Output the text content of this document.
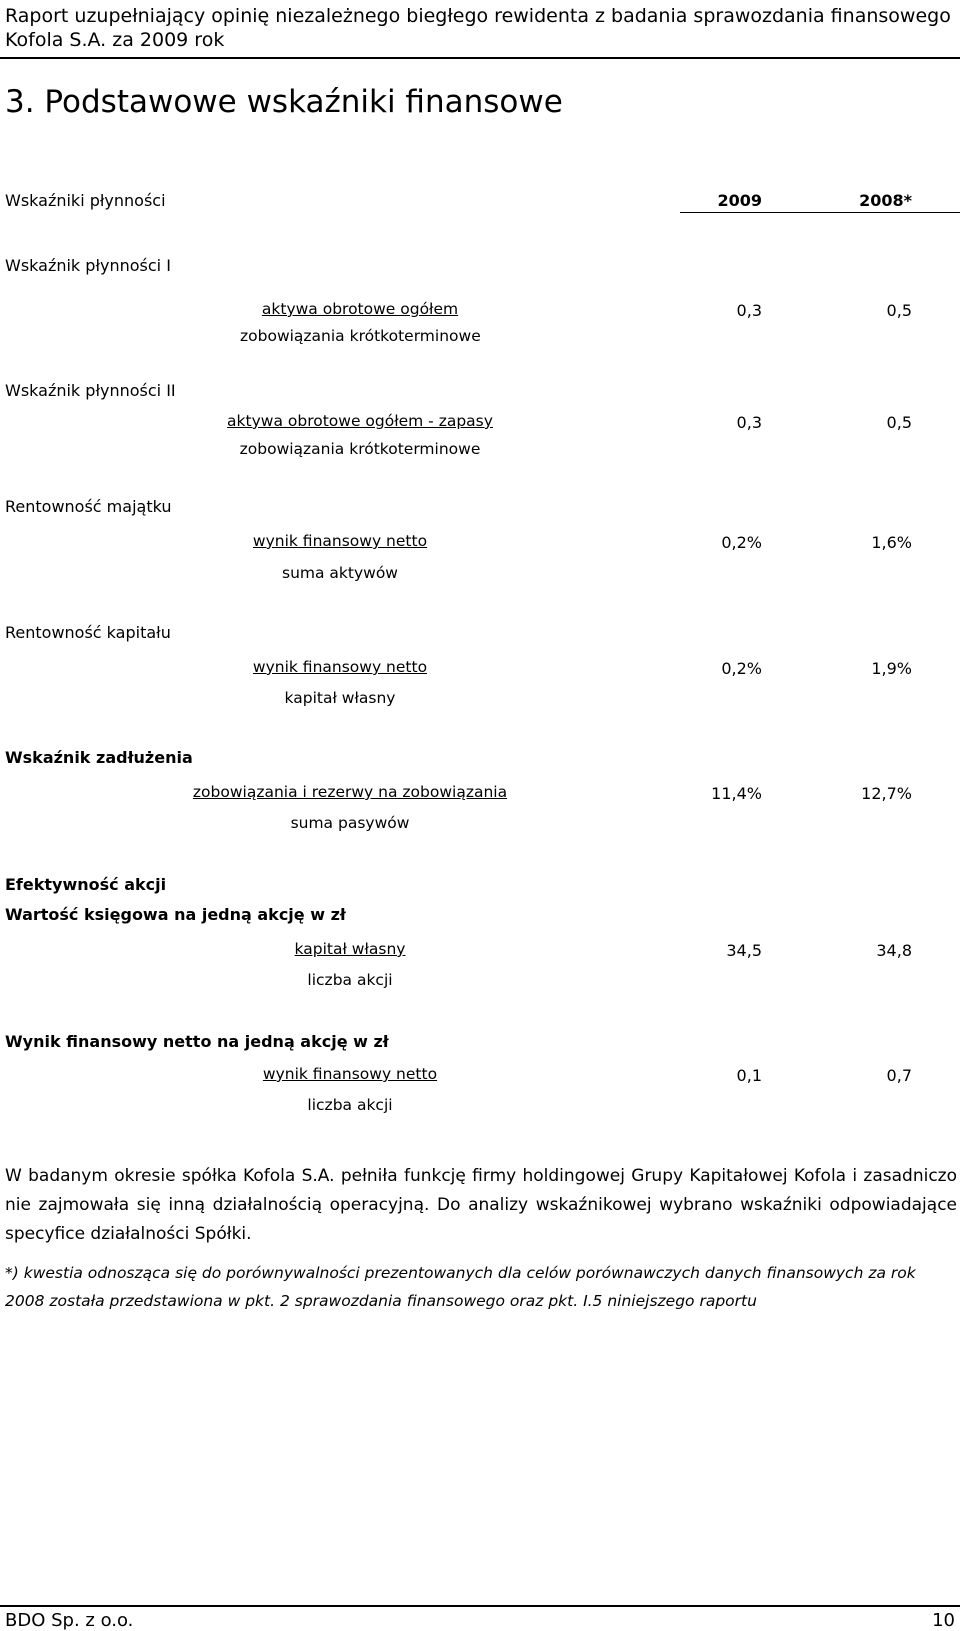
Raport uzupełniający opinię niezależnego biegłego rewidenta z badania sprawozdania finansowego
Kofola S.A. za 2009 rok
3. Podstawowe wskaźniki finansowe
Wskaźniki płynności	2009	2008*
Wskaźnik płynności I
aktywa obrotowe ogółem
zobowiązania krótkoterminowe
0,3	0,5
Wskaźnik płynności II
aktywa obrotowe ogółem - zapasy
zobowiązania krótkoterminowe
0,3	0,5
Rentowność majątku
wynik finansowy netto
suma aktywów
0,2%	1,6%
Rentowność kapitału
wynik finansowy netto
kapitał własny
0,2%	1,9%
Wskaźnik zadłużenia
zobowiązania i rezerwy na zobowiązania
suma pasywów
11,4%	12,7%
Efektywność akcji
Wartość księgowa na jedną akcję w zł
kapitał własny
liczba akcji
34,5	34,8
Wynik finansowy netto na jedną akcję w zł
wynik finansowy netto
liczba akcji
0,1	0,7
W badanym okresie spółka Kofola S.A. pełniła funkcję firmy holdingowej Grupy Kapitałowej Kofola i zasadniczo nie zajmowała się inną działalnością operacyjną. Do analizy wskaźnikowej wybrano wskaźniki odpowiadające specyfice działalności Spółki.
*) kwestia odnosząca się do porównywalności prezentowanych dla celów porównawczych danych finansowych za rok 2008 została przedstawiona w pkt. 2 sprawozdania finansowego oraz pkt. I.5 niniejszego raportu
BDO Sp. z o.o.	10
